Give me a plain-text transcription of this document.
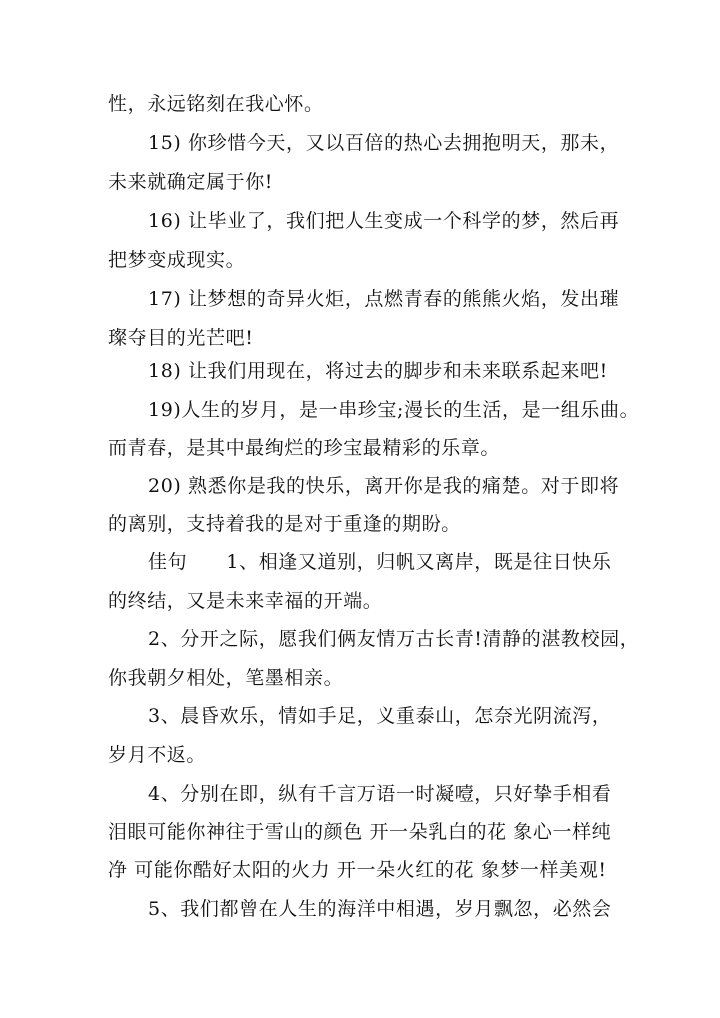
性，永远铭刻在我心怀。
15) 你珍惜今天，又以百倍的热心去拥抱明天，那未，
未来就确定属于你!
16) 让毕业了，我们把人生变成一个科学的梦，然后再
把梦变成现实。
17) 让梦想的奇异火炬，点燃青春的熊熊火焰，发出璀
璨夺目的光芒吧!
18) 让我们用现在，将过去的脚步和未来联系起来吧!
19)人生的岁月，是一串珍宝;漫长的生活，是一组乐曲。
而青春，是其中最绚烂的珍宝最精彩的乐章。
20) 熟悉你是我的快乐，离开你是我的痛楚。对于即将
的离别，支持着我的是对于重逢的期盼。
佳句　　1、相逢又道别，归帆又离岸，既是往日快乐
的终结，又是未来幸福的开端。
2、分开之际，愿我们俩友情万古长青!清静的湛教校园，
你我朝夕相处，笔墨相亲。
3、晨昏欢乐，情如手足，义重泰山，怎奈光阴流泻，
岁月不返。
4、分别在即，纵有千言万语一时凝噎，只好挚手相看
泪眼可能你神往于雪山的颜色 开一朵乳白的花 象心一样纯
净 可能你酷好太阳的火力 开一朵火红的花 象梦一样美观!
5、我们都曾在人生的海洋中相遇，岁月飘忽，必然会
